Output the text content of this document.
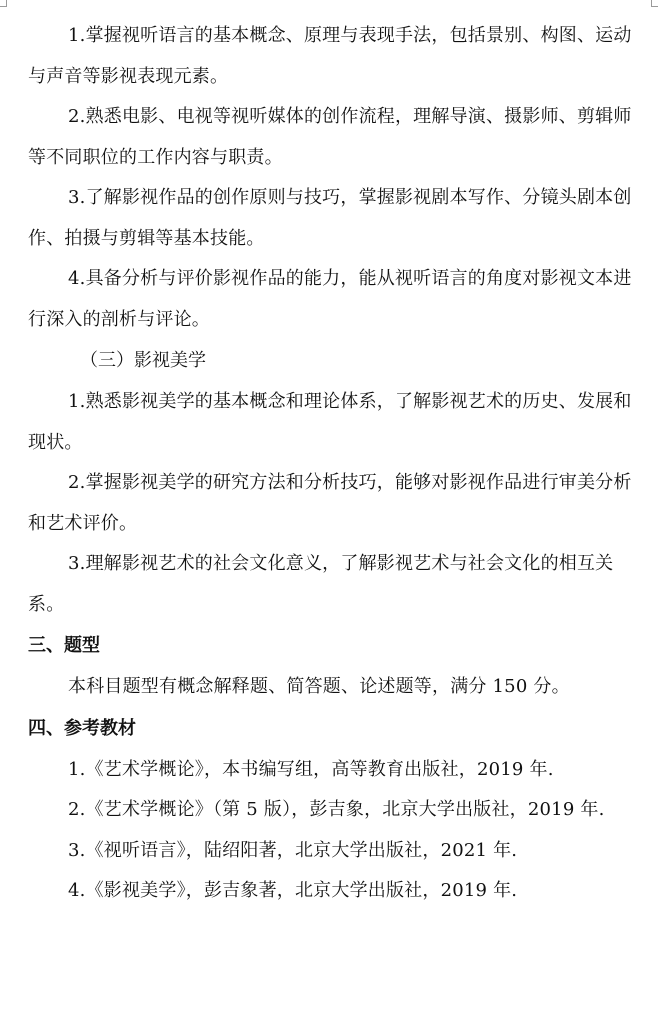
1.掌握视听语言的基本概念、原理与表现手法，包括景别、构图、运动与声音等影视表现元素。

2.熟悉电影、电视等视听媒体的创作流程，理解导演、摄影师、剪辑师等不同职位的工作内容与职责。

3.了解影视作品的创作原则与技巧，掌握影视剧本写作、分镜头剧本创作、拍摄与剪辑等基本技能。

4.具备分析与评价影视作品的能力，能从视听语言的角度对影视文本进行深入的剖析与评论。

（三）影视美学

1.熟悉影视美学的基本概念和理论体系，了解影视艺术的历史、发展和现状。

2.掌握影视美学的研究方法和分析技巧，能够对影视作品进行审美分析和艺术评价。

3.理解影视艺术的社会文化意义，了解影视艺术与社会文化的相互关系。

三、题型

本科目题型有概念解释题、简答题、论述题等，满分 150 分。

四、参考教材

1.《艺术学概论》，本书编写组，高等教育出版社，2019 年.

2.《艺术学概论》（第 5 版），彭吉象，北京大学出版社，2019 年.

3.《视听语言》，陆绍阳著，北京大学出版社，2021 年.

4.《影视美学》，彭吉象著，北京大学出版社，2019 年.
